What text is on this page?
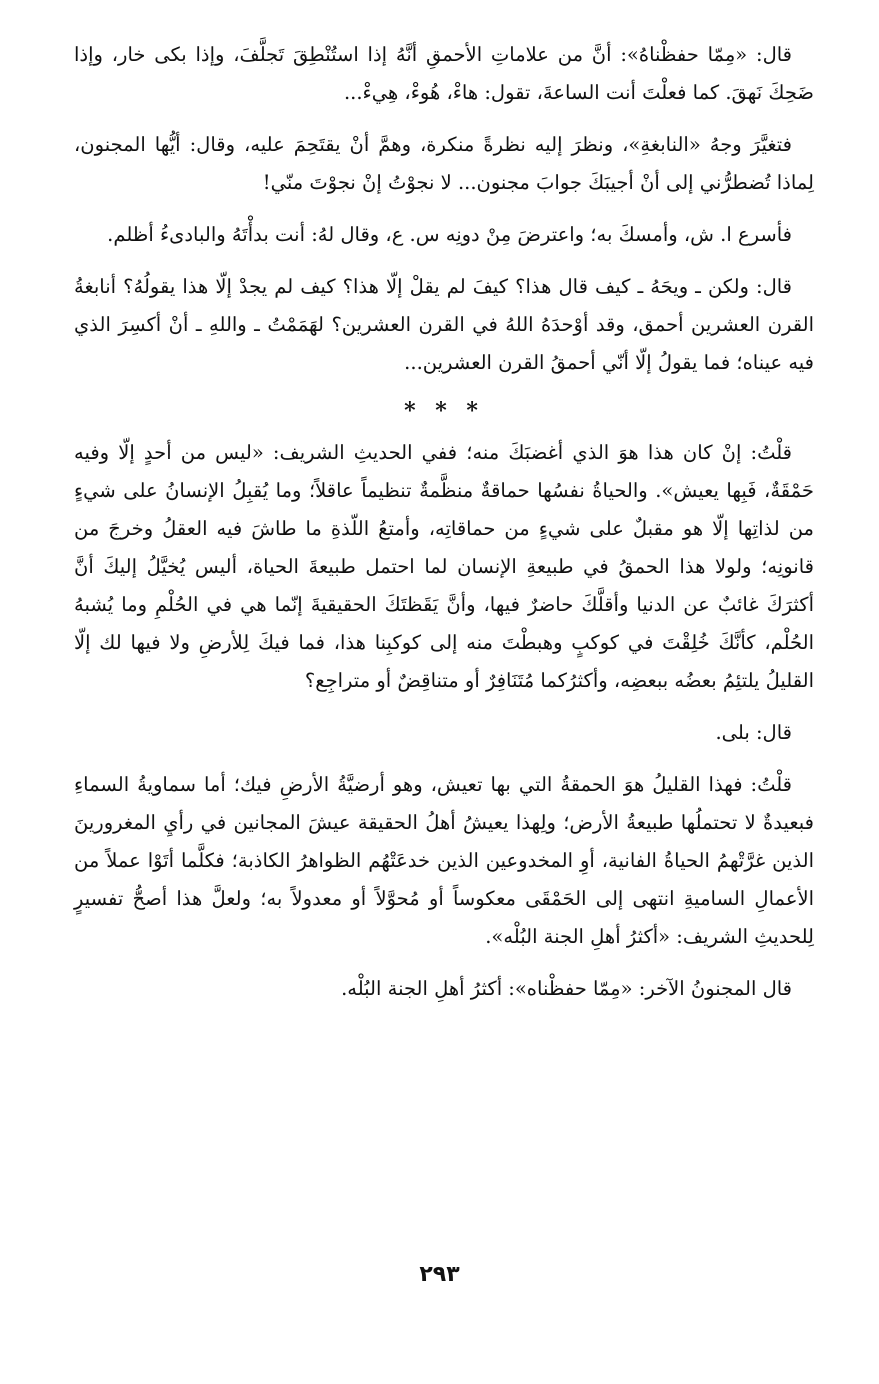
قال: «مِمّا حفظْناهُ»: أنَّ من علاماتِ الأحمقِ أنَّهُ إذا استُنْطِقَ تَجلَّفَ، وإذا بكى خار، وإذا ضَحِكَ نَهقَ. كما فعلْتَ أنت الساعةَ، تقول: هاءْ، هُوءْ، هِيءْ...

فتغيَّرَ وجهُ «النابغةِ»، ونظرَ إليه نظرةً منكرة، وهمَّ أنْ يقتَحِمَ عليه، وقال: أيُّها المجنون، لِماذا تُضطرُّني إلى أنْ أجيبَكَ جوابَ مجنون... لا نجوْتُ إنْ نجوْتَ منّي!

فأسرع ا. ش، وأمسكَ به؛ واعترضَ مِنْ دونِه س. ع، وقال لهُ: أنت بدأْتَهُ والبادىءُ أظلم.

قال: ولكن ـ ويحَهُ ـ كيف قال هذا؟ كيفَ لم يقلْ إلّا هذا؟ كيف لم يجدْ إلّا هذا يقولُهُ؟ أنابغةُ القرن العشرين أحمق، وقد أوْحدَهُ اللهُ في القرن العشرين؟ لهَمَمْتُ ـ واللهِ ـ أنْ أكسِرَ الذي فيه عيناه؛ فما يقولُ إلّا أنّي أحمقُ القرن العشرين...

* * *

قلْتُ: إنْ كان هذا هوَ الذي أغضبَكَ منه؛ ففي الحديثِ الشريف: «ليس من أحدٍ إلّا وفيه حَمْقَةٌ، فَبِها يعيش». والحياةُ نفسُها حماقةٌ منظَّمةٌ تنظيماً عاقلاً؛ وما يُقبِلُ الإنسانُ على شيءٍ من لذاتِها إلّا هو مقبلٌ على شيءٍ من حماقاتِه، وأمتعُ اللّذةِ ما طاشَ فيه العقلُ وخرجَ من قانونِه؛ ولولا هذا الحمقُ في طبيعةِ الإنسان لما احتمل طبيعةَ الحياة، أليس يُخيَّلُ إليكَ أنَّ أكثرَكَ غائبٌ عن الدنيا وأقلَّكَ حاضرٌ فيها، وأنَّ يَقَظتَكَ الحقيقيةَ إنّما هي في الحُلْمِ وما يُشبهُ الحُلْم، كأنَّكَ خُلِقْتَ في كوكبٍ وهبطْتَ منه إلى كوكبِنا هذا، فما فيكَ لِلأرضِ ولا فيها لك إلّا القليلُ يلتئِمُ بعضُه ببعضِه، وأكثرُكما مُتَنَافِرٌ أو متناقِضٌ أو متراجِع؟

قال: بلى.

قلْتُ: فهذا القليلُ هوَ الحمقةُ التي بها تعيش، وهو أرضيَّةُ الأرضِ فيك؛ أما سماويةُ السماءِ فبعيدةٌ لا تحتملُها طبيعةُ الأرض؛ ولِهذا يعيشُ أهلُ الحقيقة عيشَ المجانين في رأيِ المغرورينَ الذين غرَّتْهمُ الحياةُ الفانية، أوِ المخدوعين الذين خدعَتْهُم الظواهرُ الكاذبة؛ فكلَّما أتَوْا عملاً من الأعمالِ الساميةِ انتهى إلى الحَمْقَى معكوساً أو مُحوَّلاً أو معدولاً به؛ ولعلَّ هذا أصحُّ تفسيرٍ لِلحديثِ الشريف: «أكثرُ أهلِ الجنة البُلْه».

قال المجنونُ الآخر: «مِمّا حفظْناه»: أكثرُ أهلِ الجنة البُلْه.

٢٩٣
